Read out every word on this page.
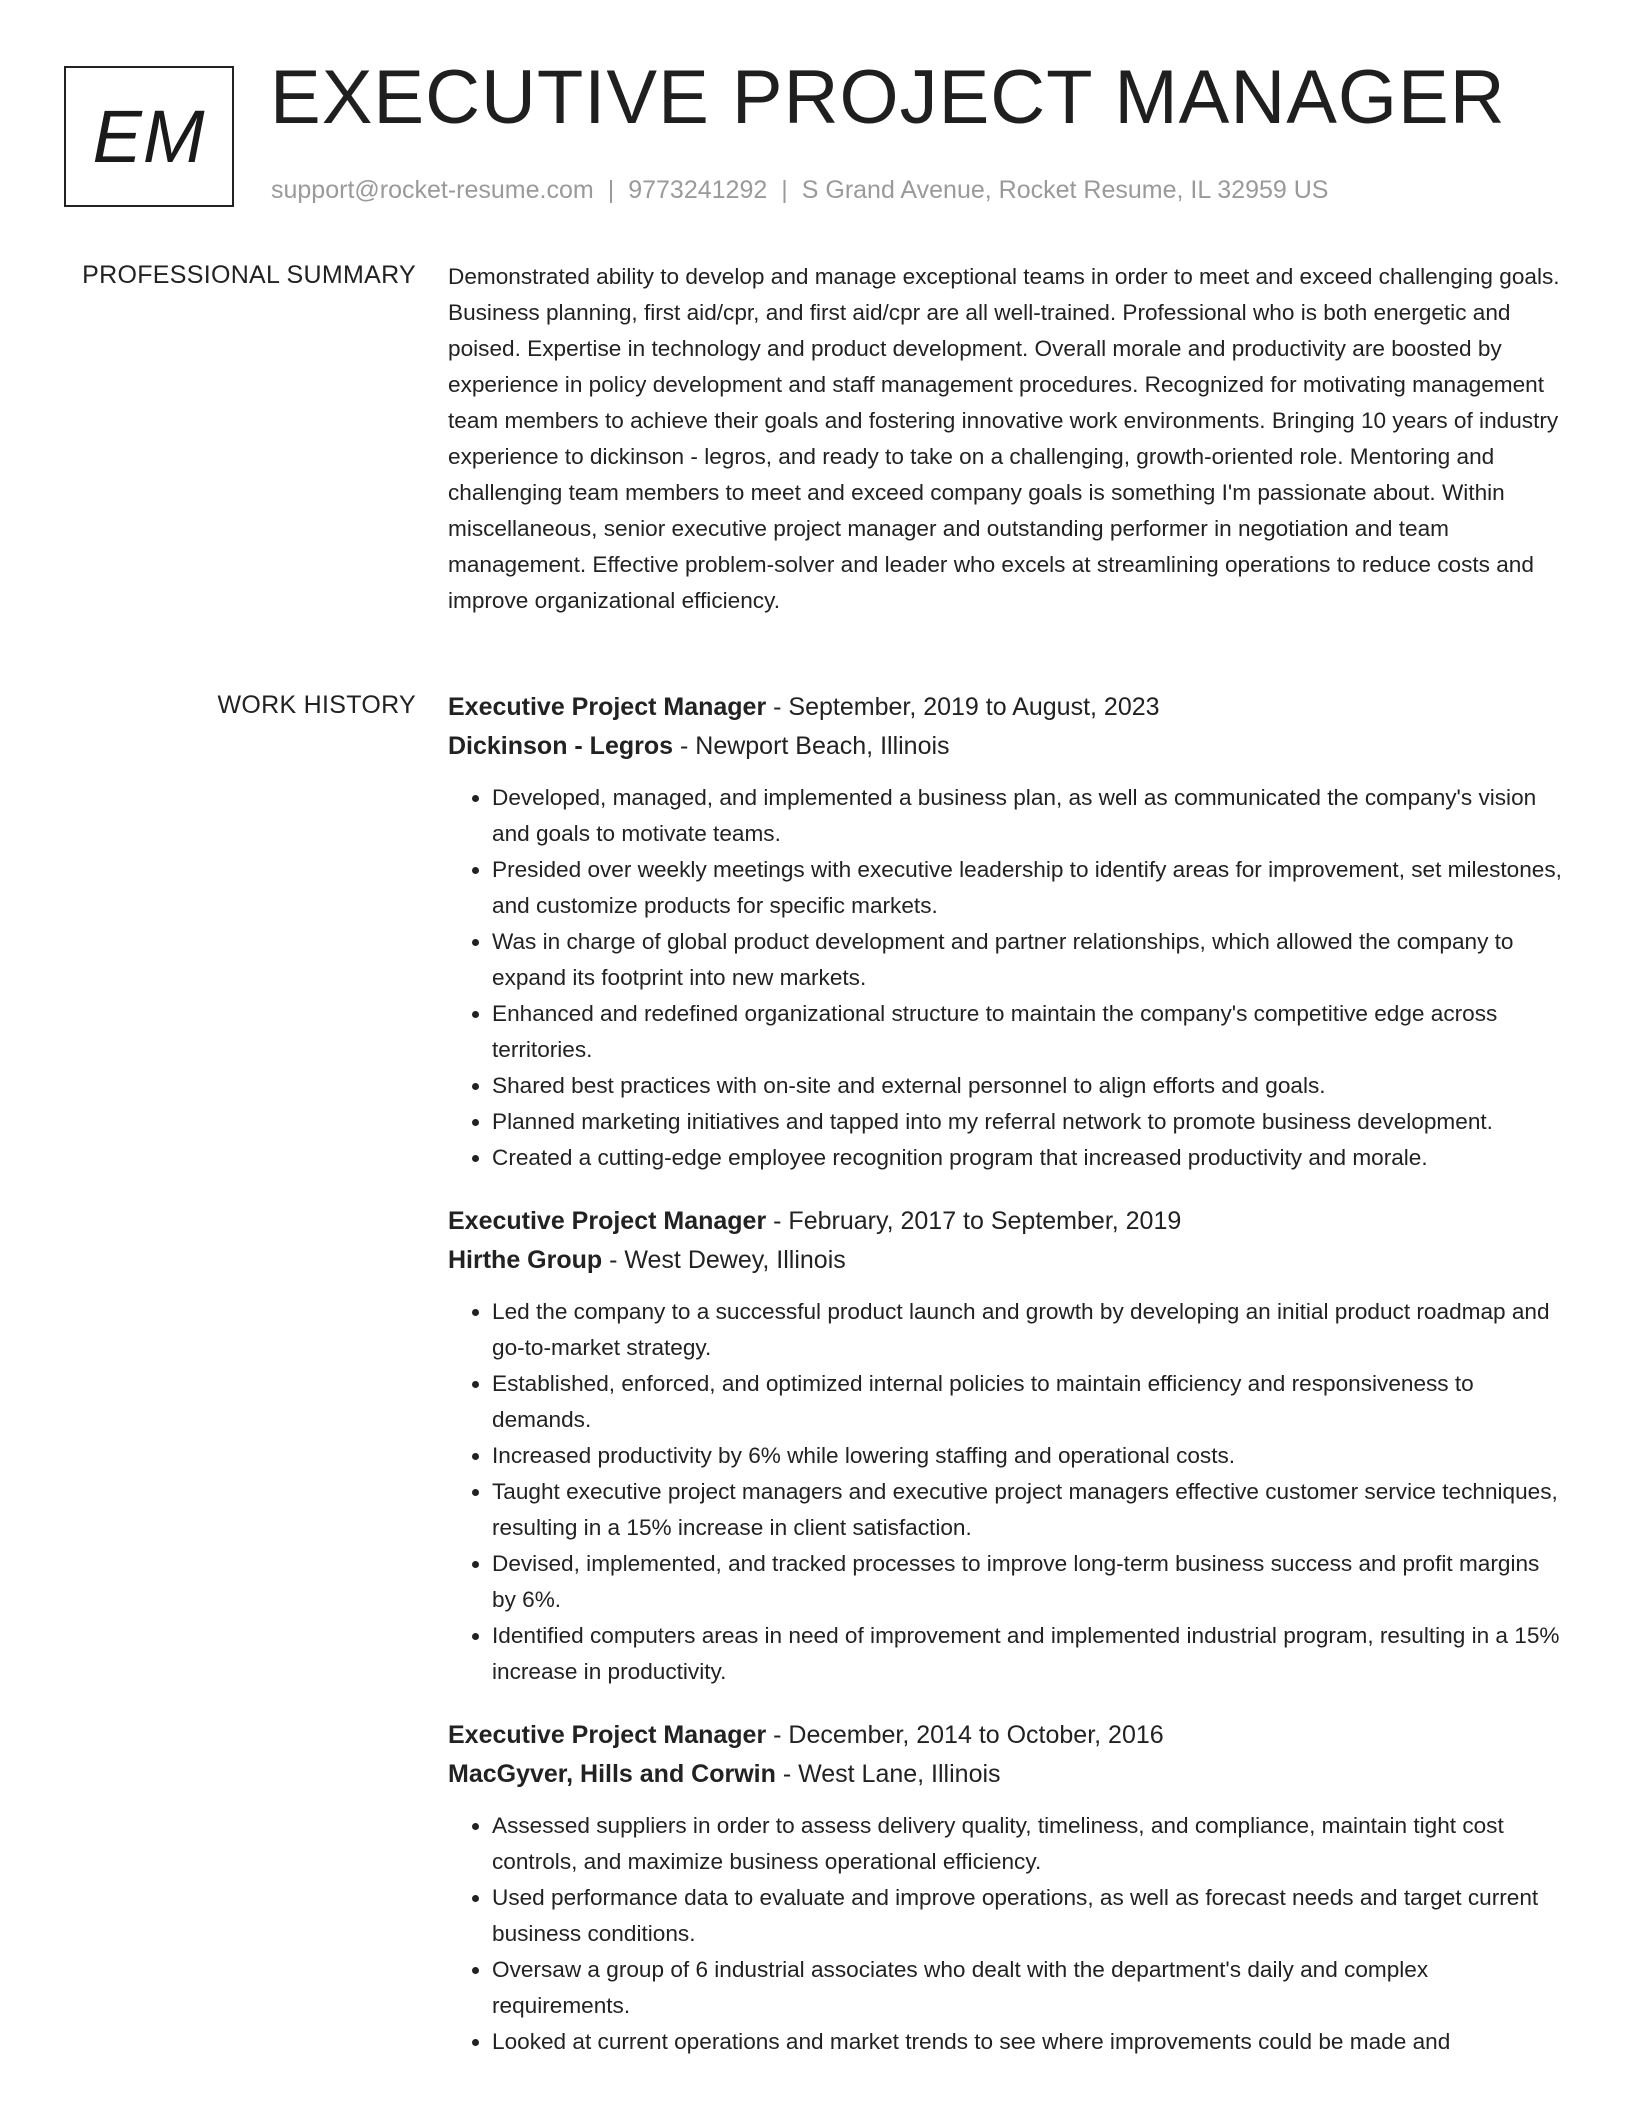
EM EXECUTIVE PROJECT MANAGER
support@rocket-resume.com | 9773241292 | S Grand Avenue, Rocket Resume, IL 32959 US
PROFESSIONAL SUMMARY Demonstrated ability to develop and manage exceptional teams in order to meet and exceed challenging goals. Business planning, first aid/cpr, and first aid/cpr are all well-trained. Professional who is both energetic and poised. Expertise in technology and product development. Overall morale and productivity are boosted by experience in policy development and staff management procedures. Recognized for motivating management team members to achieve their goals and fostering innovative work environments. Bringing 10 years of industry experience to dickinson - legros, and ready to take on a challenging, growth-oriented role. Mentoring and challenging team members to meet and exceed company goals is something I'm passionate about. Within miscellaneous, senior executive project manager and outstanding performer in negotiation and team management. Effective problem-solver and leader who excels at streamlining operations to reduce costs and improve organizational efficiency.

WORK HISTORY Executive Project Manager - September, 2019 to August, 2023
Dickinson - Legros - Newport Beach, Illinois
• Developed, managed, and implemented a business plan, as well as communicated the company's vision and goals to motivate teams.
• Presided over weekly meetings with executive leadership to identify areas for improvement, set milestones, and customize products for specific markets.
• Was in charge of global product development and partner relationships, which allowed the company to expand its footprint into new markets.
• Enhanced and redefined organizational structure to maintain the company's competitive edge across territories.
• Shared best practices with on-site and external personnel to align efforts and goals.
• Planned marketing initiatives and tapped into my referral network to promote business development.
• Created a cutting-edge employee recognition program that increased productivity and morale.
Executive Project Manager - February, 2017 to September, 2019
Hirthe Group - West Dewey, Illinois
• Led the company to a successful product launch and growth by developing an initial product roadmap and go-to-market strategy.
• Established, enforced, and optimized internal policies to maintain efficiency and responsiveness to demands.
• Increased productivity by 6% while lowering staffing and operational costs.
• Taught executive project managers and executive project managers effective customer service techniques, resulting in a 15% increase in client satisfaction.
• Devised, implemented, and tracked processes to improve long-term business success and profit margins by 6%.
• Identified computers areas in need of improvement and implemented industrial program, resulting in a 15% increase in productivity.
Executive Project Manager - December, 2014 to October, 2016
MacGyver, Hills and Corwin - West Lane, Illinois
• Assessed suppliers in order to assess delivery quality, timeliness, and compliance, maintain tight cost controls, and maximize business operational efficiency.
• Used performance data to evaluate and improve operations, as well as forecast needs and target current business conditions.
• Oversaw a group of 6 industrial associates who dealt with the department's daily and complex requirements.
• Looked at current operations and market trends to see where improvements could be made and
